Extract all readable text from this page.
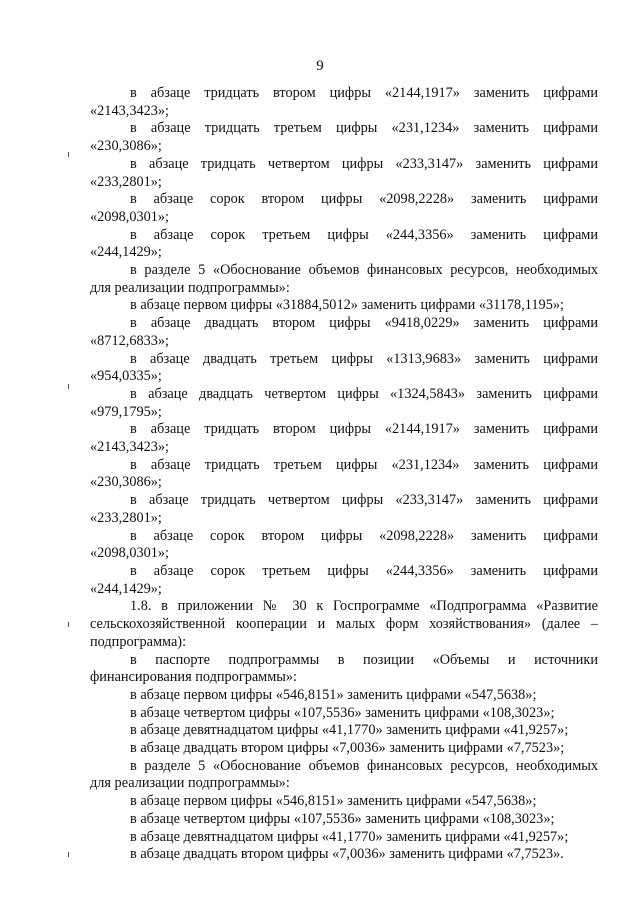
9

в абзаце тридцать втором цифры «2144,1917» заменить цифрами
«2143,3423»;

в абзаце тридцать третьем цифры «231,1234» заменить цифрами
«230,3086»;

в абзаце тридцать четвертом цифры «233,3147» заменить цифрами
«233,2801»;

в абзаце сорок втором цифры «2098,2228» заменить цифрами
«2098,0301»;

в абзаце сорок третьем цифры «244,3356» заменить цифрами
«244,1429»;

в разделе 5 «Обоснование объемов финансовых ресурсов, необходимых
для реализации подпрограммы»:

в абзаце первом цифры «31884,5012» заменить цифрами «31178,1195»;

в абзаце двадцать втором цифры «9418,0229» заменить цифрами
«8712,6833»;

в абзаце двадцать третьем цифры «1313,9683» заменить цифрами
«954,0335»;

в абзаце двадцать четвертом цифры «1324,5843» заменить цифрами
«979,1795»;

в абзаце тридцать втором цифры «2144,1917» заменить цифрами
«2143,3423»;

в абзаце тридцать третьем цифры «231,1234» заменить цифрами
«230,3086»;

в абзаце тридцать четвертом цифры «233,3147» заменить цифрами
«233,2801»;

в абзаце сорок втором цифры «2098,2228» заменить цифрами
«2098,0301»;

в абзаце сорок третьем цифры «244,3356» заменить цифрами
«244,1429»;

1.8. в приложении № 30 к Госпрограмме «Подпрограмма «Развитие
сельскохозяйственной кооперации и малых форм хозяйствования» (далее –
подпрограмма):

в паспорте подпрограммы в позиции «Объемы и источники
финансирования подпрограммы»:

в абзаце первом цифры «546,8151» заменить цифрами «547,5638»;

в абзаце четвертом цифры «107,5536» заменить цифрами «108,3023»;

в абзаце девятнадцатом цифры «41,1770» заменить цифрами «41,9257»;

в абзаце двадцать втором цифры «7,0036» заменить цифрами «7,7523»;

в разделе 5 «Обоснование объемов финансовых ресурсов, необходимых
для реализации подпрограммы»:

в абзаце первом цифры «546,8151» заменить цифрами «547,5638»;

в абзаце четвертом цифры «107,5536» заменить цифрами «108,3023»;

в абзаце девятнадцатом цифры «41,1770» заменить цифрами «41,9257»;

в абзаце двадцать втором цифры «7,0036» заменить цифрами «7,7523».
